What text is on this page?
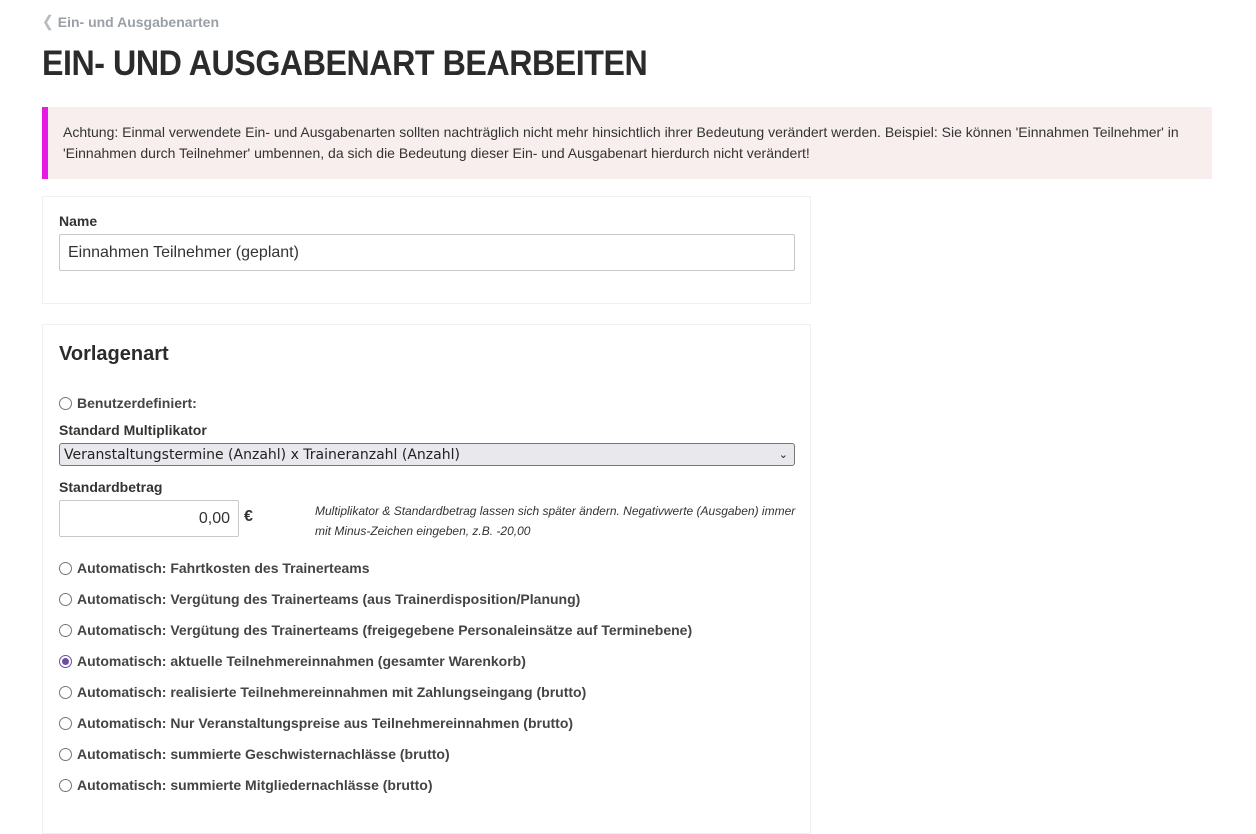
❮ Ein- und Ausgabenarten
EIN- UND AUSGABENART BEARBEITEN
Achtung: Einmal verwendete Ein- und Ausgabenarten sollten nachträglich nicht mehr hinsichtlich ihrer Bedeutung verändert werden. Beispiel: Sie können 'Einnahmen Teilnehmer' in 'Einnahmen durch Teilnehmer' umbennen, da sich die Bedeutung dieser Ein- und Ausgabenart hierdurch nicht verändert!
Name
Einnahmen Teilnehmer (geplant)
Vorlagenart
Benutzerdefiniert:
Standard Multiplikator
Veranstaltungstermine (Anzahl) x Traineranzahl (Anzahl)	⌄
Standardbetrag
0,00
€	Multiplikator & Standardbetrag lassen sich später ändern. Negativwerte (Ausgaben) immer mit Minus-Zeichen eingeben, z.B. -20,00
Automatisch: Fahrtkosten des Trainerteams
Automatisch: Vergütung des Trainerteams (aus Trainerdisposition/Planung)
Automatisch: Vergütung des Trainerteams (freigegebene Personaleinsätze auf Terminebene)
Automatisch: aktuelle Teilnehmereinnahmen (gesamter Warenkorb)
Automatisch: realisierte Teilnehmereinnahmen mit Zahlungseingang (brutto)
Automatisch: Nur Veranstaltungspreise aus Teilnehmereinnahmen (brutto)
Automatisch: summierte Geschwisternachlässe (brutto)
Automatisch: summierte Mitgliedernachlässe (brutto)
